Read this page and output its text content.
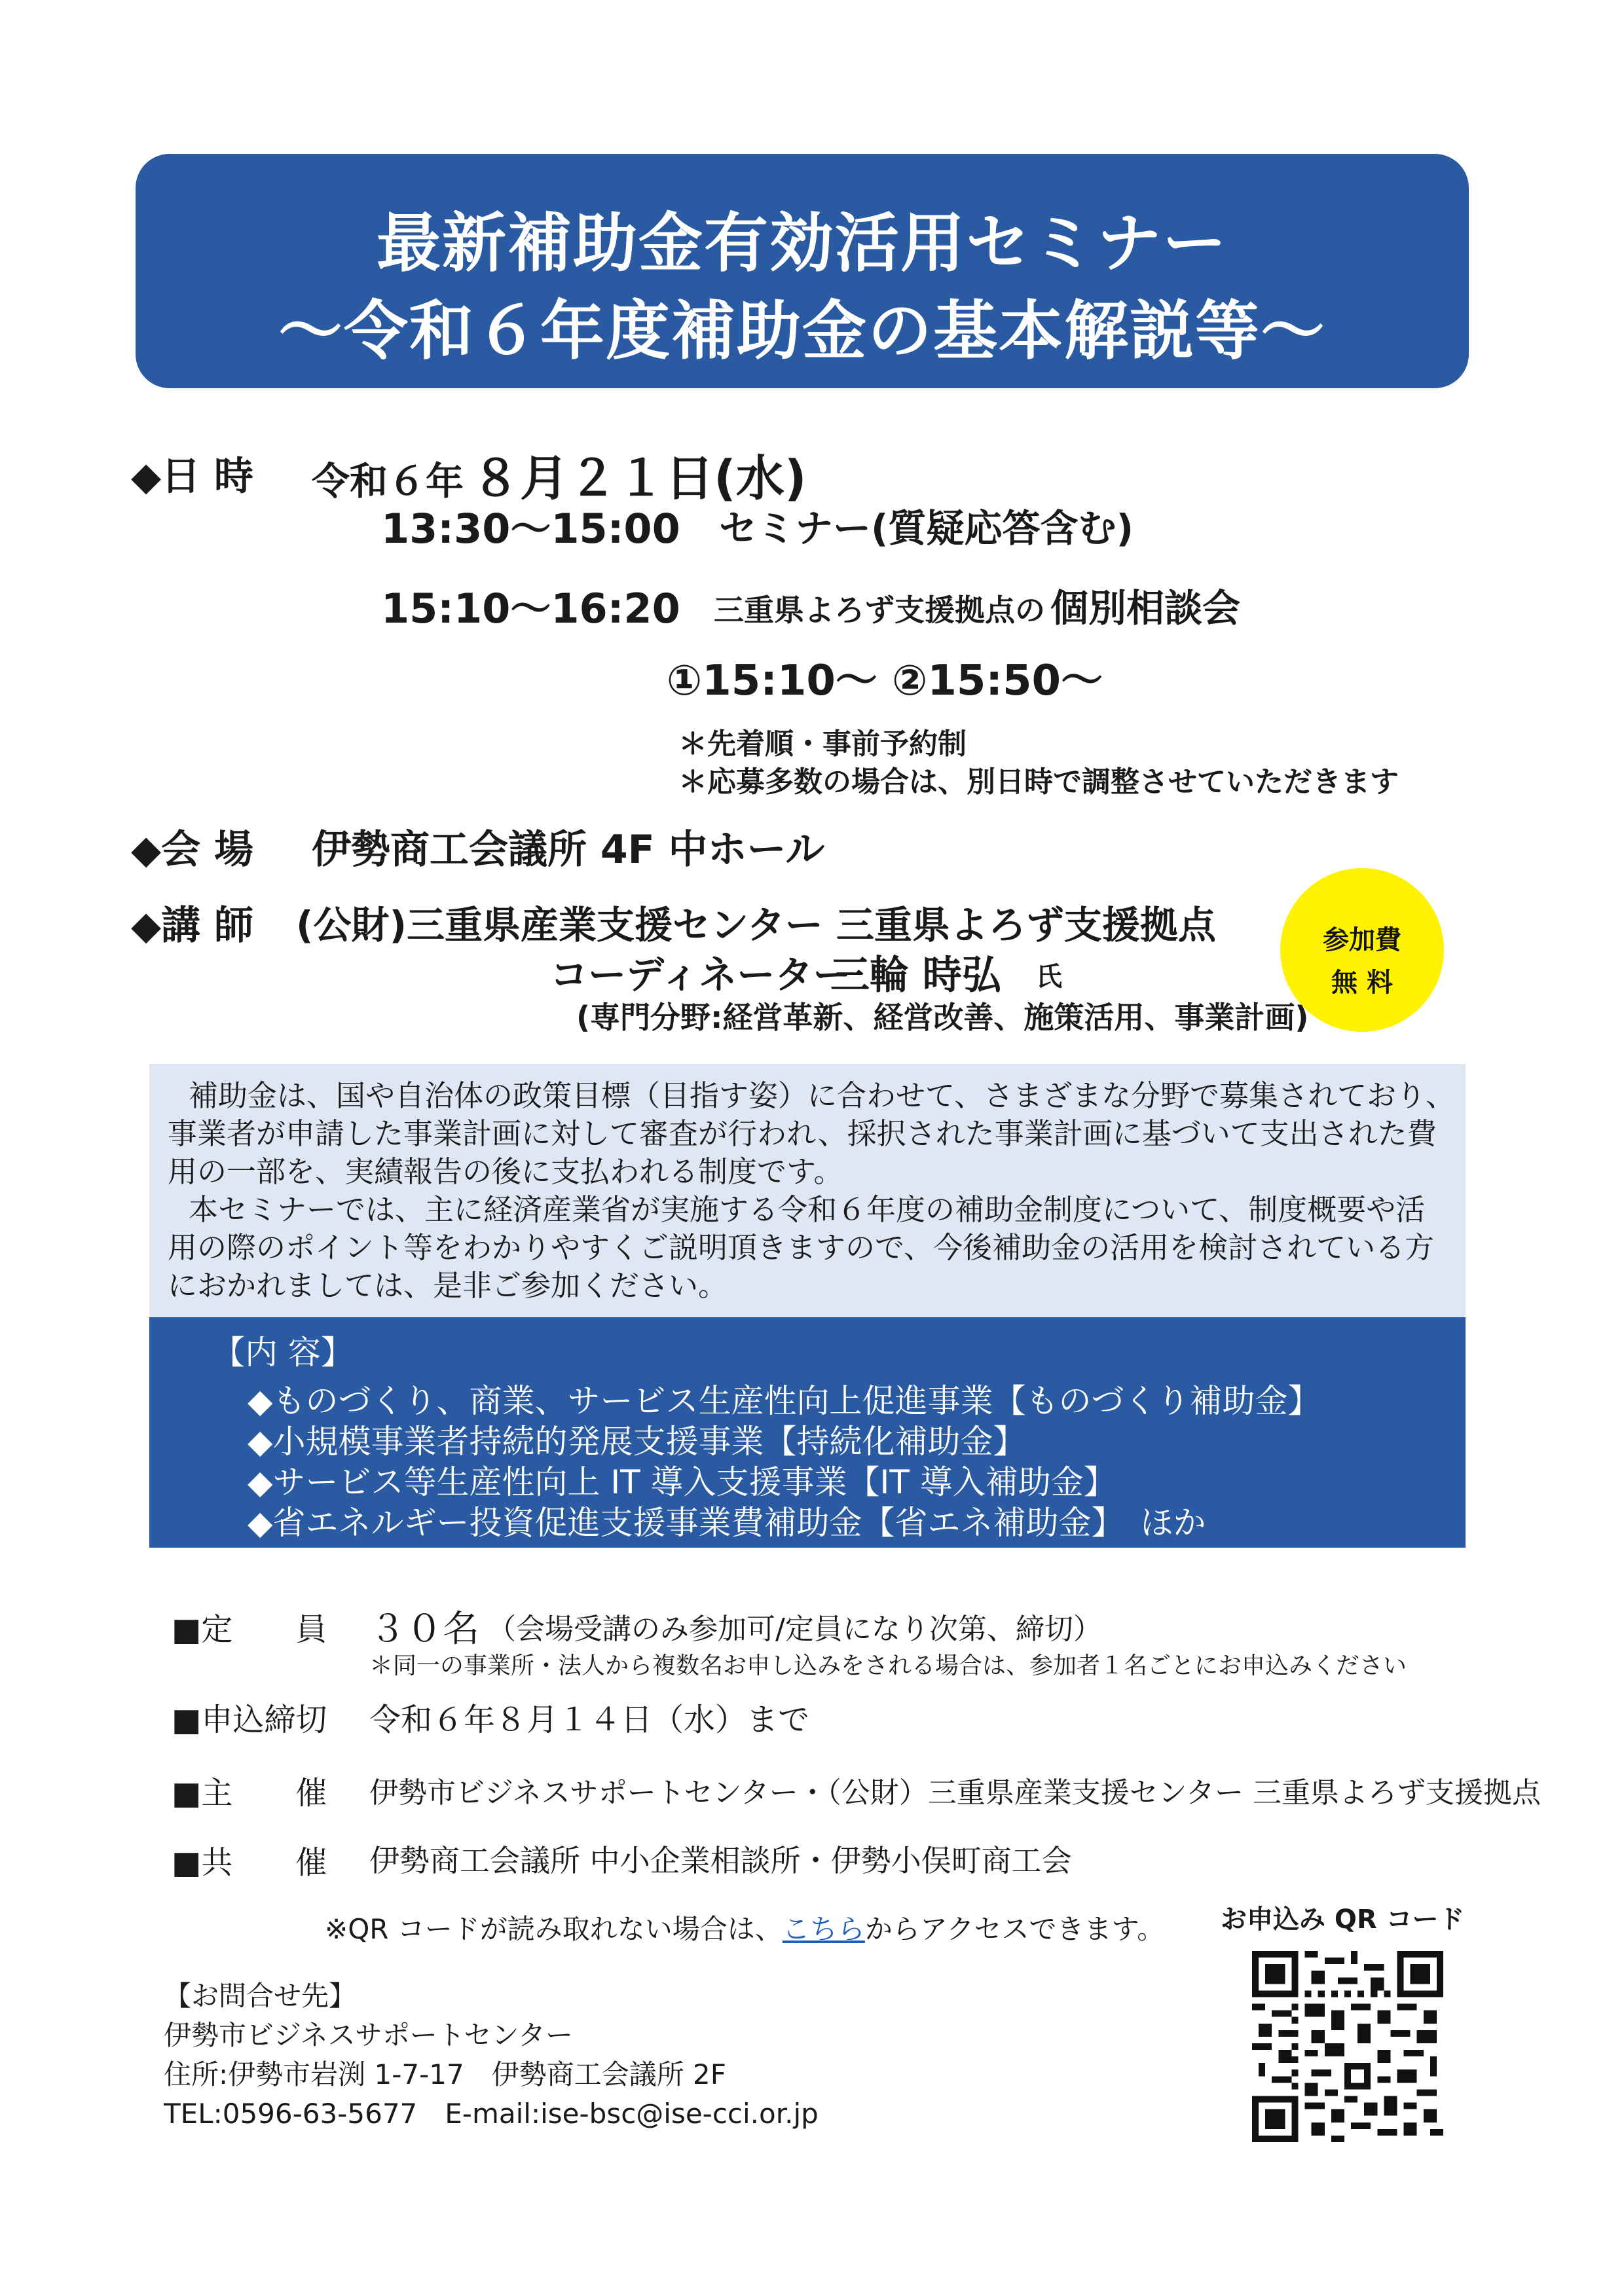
最新補助金有効活用セミナー
～令和６年度補助金の基本解説等～
◆日 時 令和６年 ８月２１日(水)
13:30～15:00 セミナー(質疑応答含む)
15:10～16:20 三重県よろず支援拠点の 個別相談会
①15:10～ ②15:50～
＊先着順・事前予約制
＊応募多数の場合は、別日時で調整させていただきます
◆会 場 伊勢商工会議所 4F 中ホール
◆講 師 (公財)三重県産業支援センター 三重県よろず支援拠点
コーディネーター
三輪 時弘 氏
(専門分野:経営革新、経営改善、施策活用、事業計画)
参加費
無 料

補助金は、国や自治体の政策目標（目指す姿）に合わせて、さまざまな分野で募集されており、

事業者が申請した事業計画に対して審査が行われ、採択された事業計画に基づいて支出された費

用の一部を、実績報告の後に支払われる制度です。

本セミナーでは、主に経済産業省が実施する令和６年度の補助金制度について、制度概要や活

用の際のポイント等をわかりやすくご説明頂きますので、今後補助金の活用を検討されている方

におかれましては、是非ご参加ください。

【内 容】
◆ものづくり、商業、サービス生産性向上促進事業【ものづくり補助金】
◆小規模事業者持続的発展支援事業【持続化補助金】
◆サービス等生産性向上 IT 導入支援事業【IT 導入補助金】
◆省エネルギー投資促進支援事業費補助金【省エネ補助金】　ほか
■定　　員 ３０名 （会場受講のみ参加可/定員になり次第、締切）
＊同一の事業所・法人から複数名お申し込みをされる場合は、参加者１名ごとにお申込みください
■申込締切 令和６年８月１４日（水）まで
■主　　催 伊勢市ビジネスサポートセンター・（公財）三重県産業支援センター 三重県よろず支援拠点
■共　　催 伊勢商工会議所 中小企業相談所・伊勢小俣町商工会
※QR コードが読み取れない場合は、こちらからアクセスできます。 お申込み QR コード
【お問合せ先】
伊勢市ビジネスサポートセンター
住所:伊勢市岩渕 1-7-17　伊勢商工会議所 2F
TEL:0596-63-5677　E-mail:ise-bsc@ise-cci.or.jp
